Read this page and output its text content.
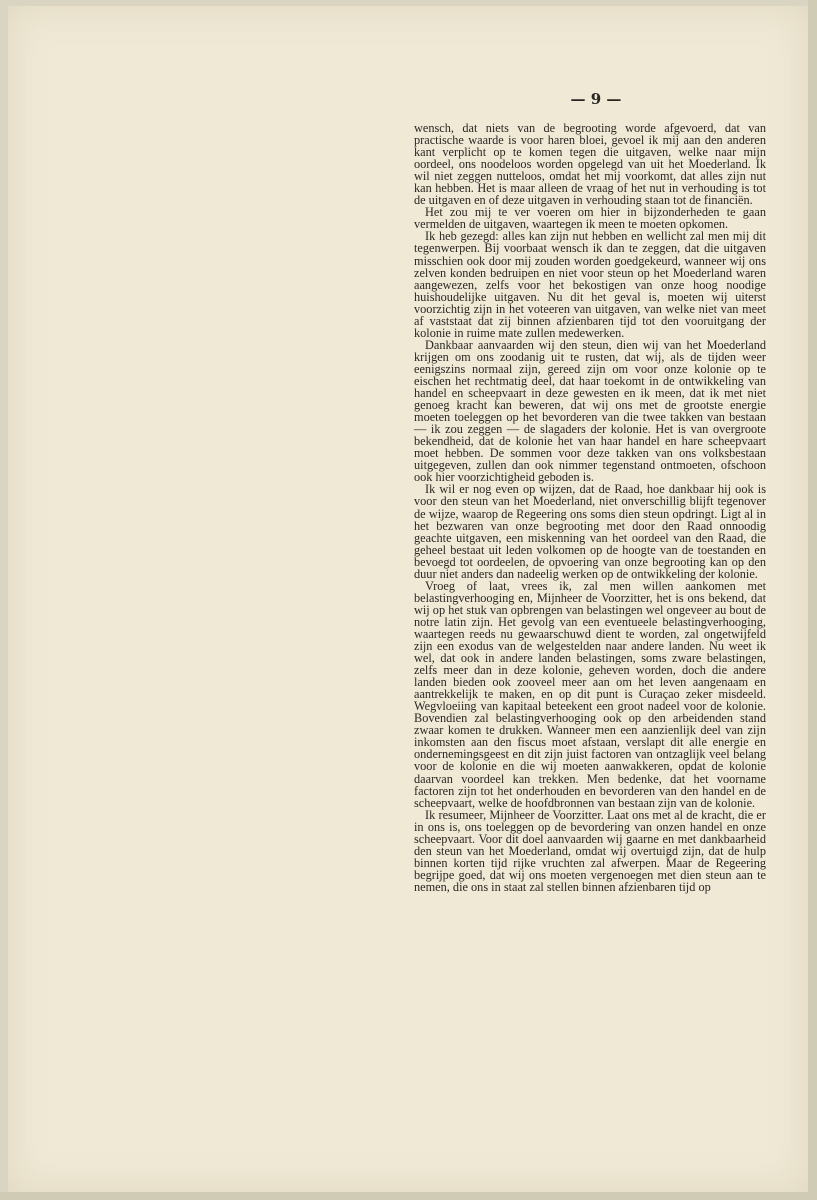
— 9 —

wensch, dat niets van de begrooting worde afgevoerd, dat van practische waarde is voor haren bloei, gevoel ik mij aan den anderen kant verplicht op te komen tegen die uitgaven, welke naar mijn oordeel, ons noodeloos worden opgelegd van uit het Moederland. Ik wil niet zeggen nutteloos, omdat het mij voorkomt, dat alles zijn nut kan hebben. Het is maar alleen de vraag of het nut in verhouding is tot de uitgaven en of deze uitgaven in verhouding staan tot de financiën.

Het zou mij te ver voeren om hier in bijzonderheden te gaan vermelden de uitgaven, waartegen ik meen te moeten opkomen.

Ik heb gezegd: alles kan zijn nut hebben en wellicht zal men mij dit tegenwerpen. Bij voorbaat wensch ik dan te zeggen, dat die uitgaven misschien ook door mij zouden worden goedgekeurd, wanneer wij ons zelven konden bedruipen en niet voor steun op het Moederland waren aangewezen, zelfs voor het bekostigen van onze hoog noodige huishoudelijke uitgaven. Nu dit het geval is, moeten wij uiterst voorzichtig zijn in het voteeren van uitgaven, van welke niet van meet af vaststaat dat zij binnen afzienbaren tijd tot den vooruitgang der kolonie in ruime mate zullen medewerken.

Dankbaar aanvaarden wij den steun, dien wij van het Moederland krijgen om ons zoodanig uit te rusten, dat wij, als de tijden weer eenigszins normaal zijn, gereed zijn om voor onze kolonie op te eischen het rechtmatig deel, dat haar toekomt in de ontwikkeling van handel en scheepvaart in deze gewesten en ik meen, dat ik met niet genoeg kracht kan beweren, dat wij ons met de grootste energie moeten toeleggen op het bevorderen van die twee takken van bestaan — ik zou zeggen — de slagaders der kolonie. Het is van overgroote bekendheid, dat de kolonie het van haar handel en hare scheepvaart moet hebben. De sommen voor deze takken van ons volksbestaan uitgegeven, zullen dan ook nimmer tegenstand ontmoeten, ofschoon ook hier voorzichtigheid geboden is.

Ik wil er nog even op wijzen, dat de Raad, hoe dankbaar hij ook is voor den steun van het Moederland, niet onverschillig blijft tegenover de wijze, waarop de Regeering ons soms dien steun opdringt. Ligt al in het bezwaren van onze begrooting met door den Raad onnoodig geachte uitgaven, een miskenning van het oordeel van den Raad, die geheel bestaat uit leden volkomen op de hoogte van de toestanden en bevoegd tot oordeelen, de opvoering van onze begrooting kan op den duur niet anders dan nadeelig werken op de ontwikkeling der kolonie.

Vroeg of laat, vrees ik, zal men willen aankomen met belastingverhooging en, Mijnheer de Voorzitter, het is ons bekend, dat wij op het stuk van opbrengen van belastingen wel ongeveer au bout de notre latin zijn. Het gevolg van een eventueele belastingverhooging, waartegen reeds nu gewaarschuwd dient te worden, zal ongetwijfeld zijn een exodus van de welgestelden naar andere landen. Nu weet ik wel, dat ook in andere landen belastingen, soms zware belastingen, zelfs meer dan in deze kolonie, geheven worden, doch die andere landen bieden ook zooveel meer aan om het leven aangenaam en aantrekkelijk te maken, en op dit punt is Curaçao zeker misdeeld. Wegvloeiing van kapitaal beteekent een groot nadeel voor de kolonie. Bovendien zal belastingverhooging ook op den arbeidenden stand zwaar komen te drukken. Wanneer men een aanzienlijk deel van zijn inkomsten aan den fiscus moet afstaan, verslapt dit alle energie en ondernemingsgeest en dit zijn juist factoren van ontzaglijk veel belang voor de kolonie en die wij moeten aanwakkeren, opdat de kolonie daarvan voordeel kan trekken. Men bedenke, dat het voorname factoren zijn tot het onderhouden en bevorderen van den handel en de scheepvaart, welke de hoofdbronnen van bestaan zijn van de kolonie.

Ik resumeer, Mijnheer de Voorzitter. Laat ons met al de kracht, die er in ons is, ons toeleggen op de bevordering van onzen handel en onze scheepvaart. Voor dit doel aanvaarden wij gaarne en met dankbaarheid den steun van het Moederland, omdat wij overtuigd zijn, dat de hulp binnen korten tijd rijke vruchten zal afwerpen. Maar de Regeering begrijpe goed, dat wij ons moeten vergenoegen met dien steun aan te nemen, die ons in staat zal stellen binnen afzienbaren tijd op
